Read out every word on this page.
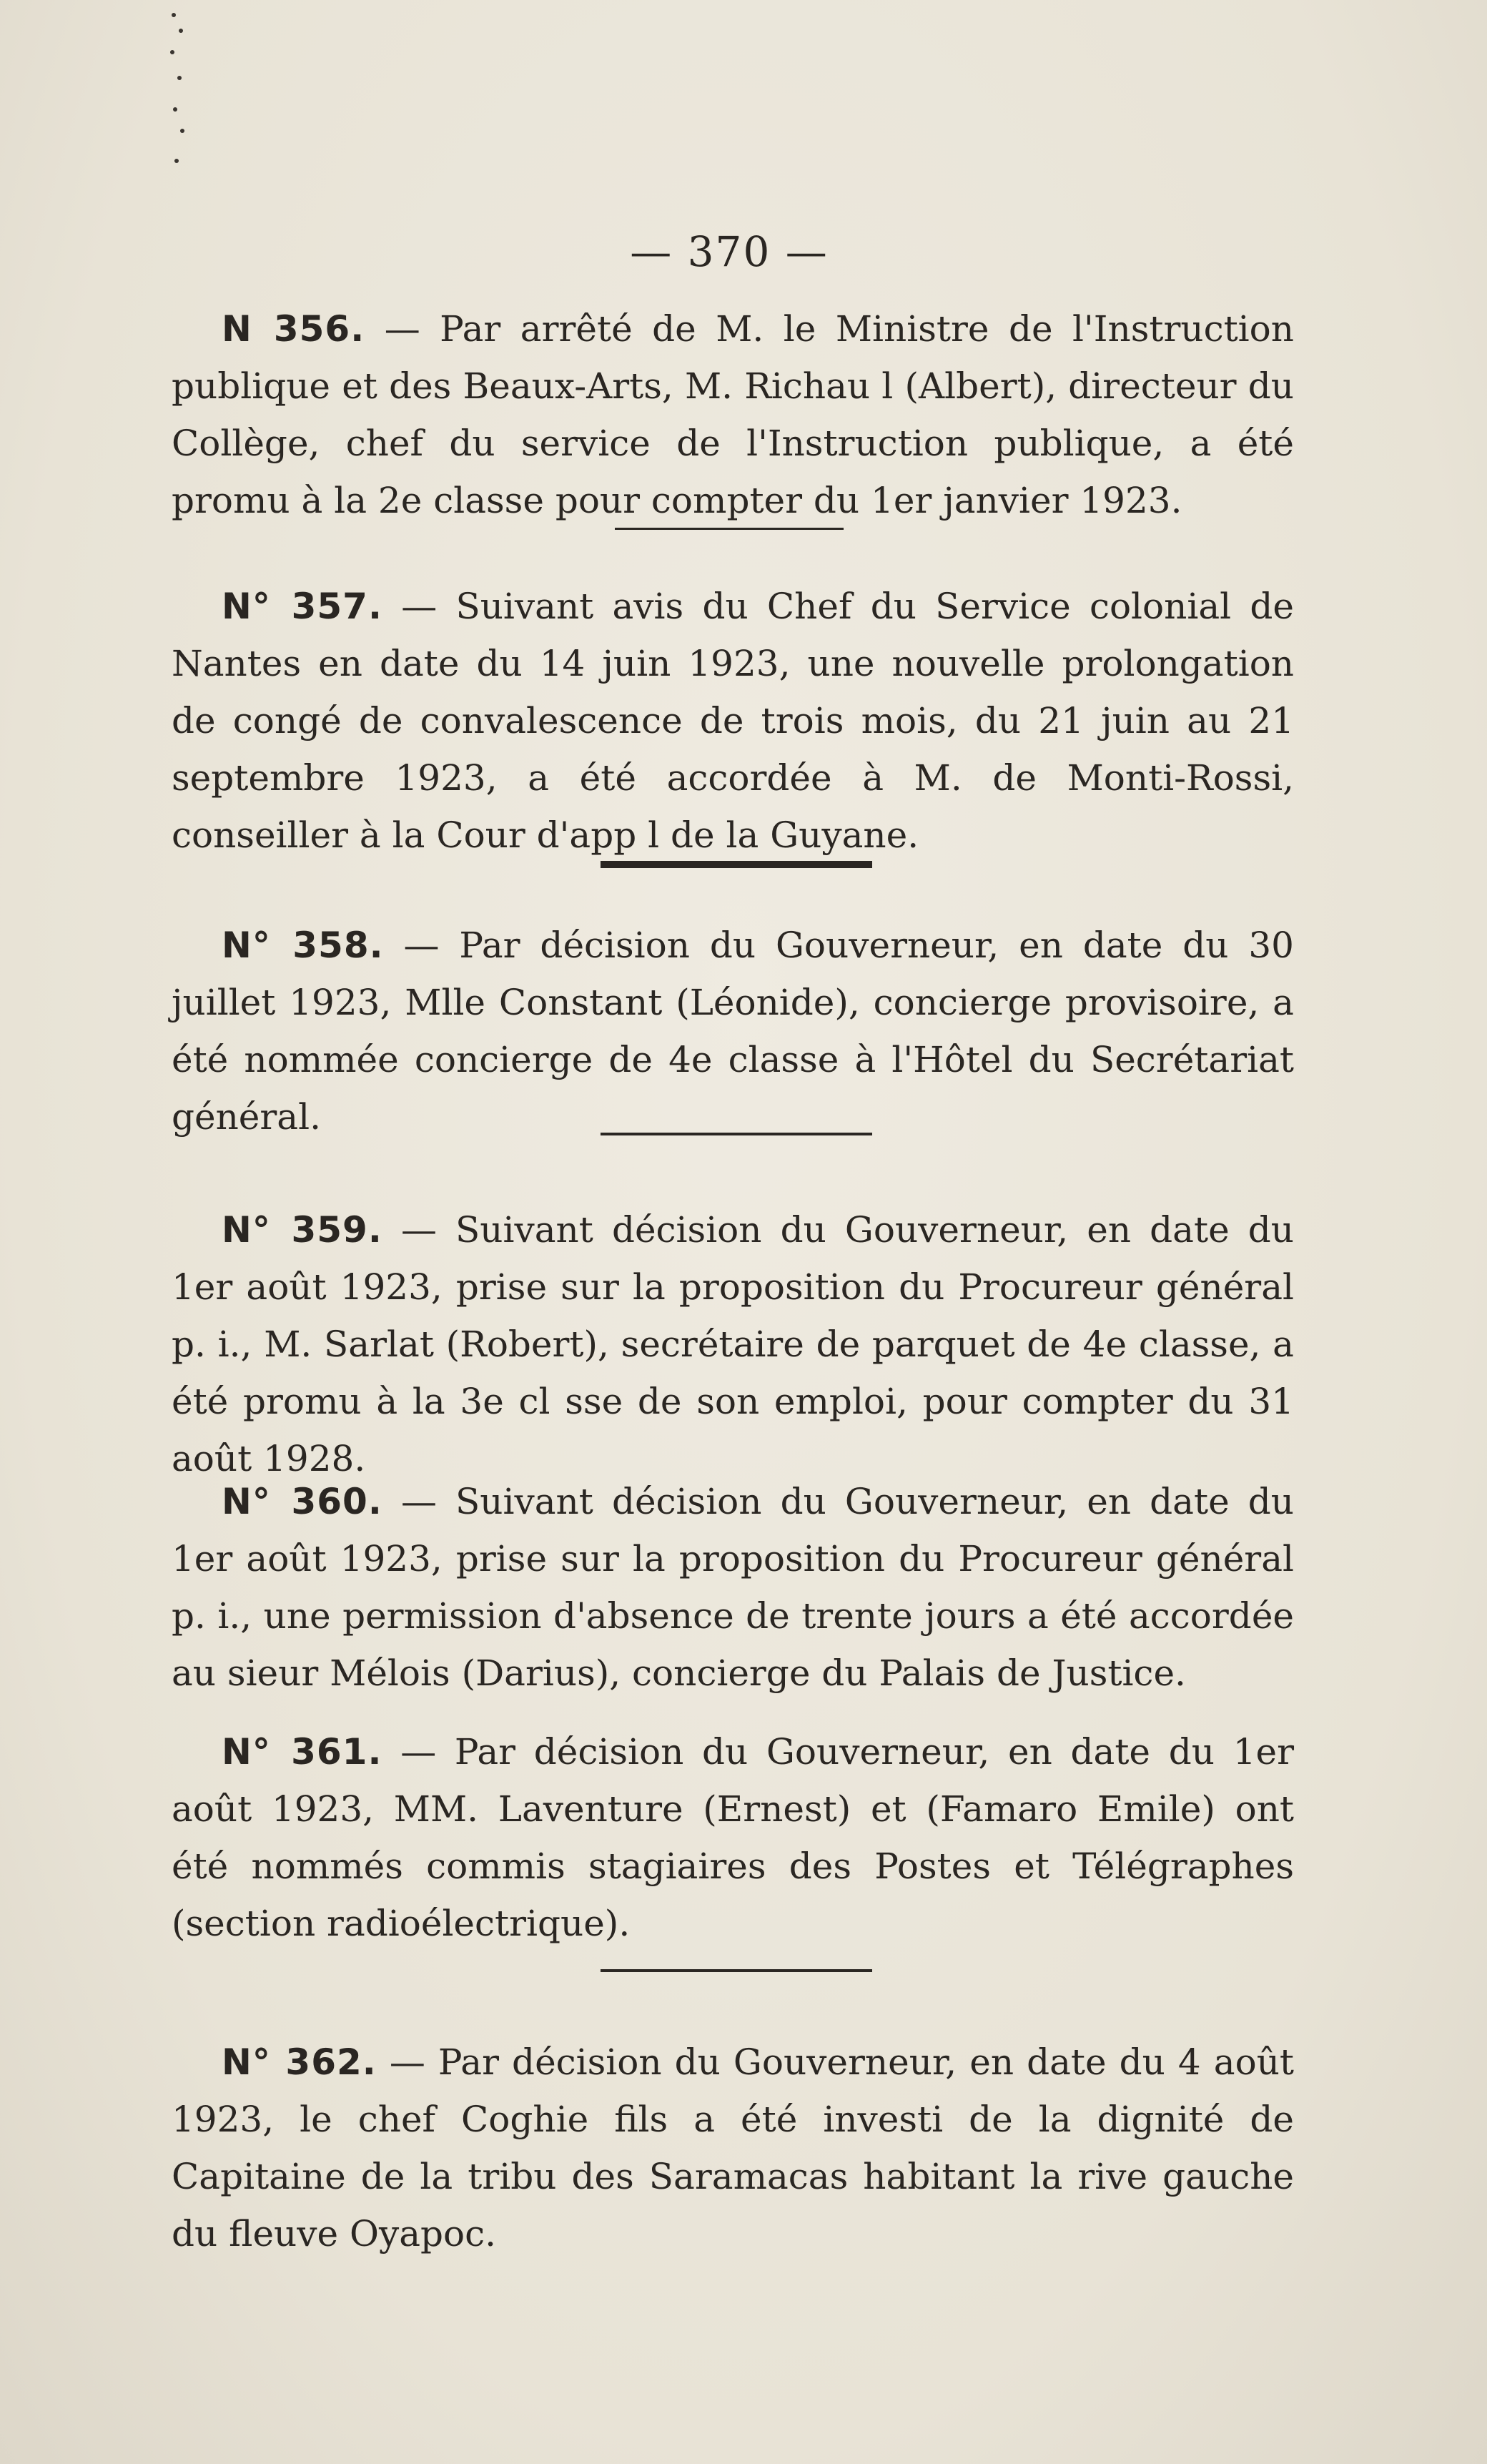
— 370 —

N 356. — Par arrêté de M. le Ministre de l'Instruction publique et des Beaux-Arts, M. Richau l (Albert), directeur du Collège, chef du service de l'Instruction publique, a été promu à la 2e classe pour compter du 1er janvier 1923.

N° 357. — Suivant avis du Chef du Service colonial de Nantes en date du 14 juin 1923, une nouvelle prolongation de congé de convalescence de trois mois, du 21 juin au 21 septembre 1923, a été accordée à M. de Monti-Rossi, conseiller à la Cour d'app l de la Guyane.

N° 358. — Par décision du Gouverneur, en date du 30 juillet 1923, Mlle Constant (Léonide), concierge provisoire, a été nommée concierge de 4e classe à l'Hôtel du Secrétariat général.

N° 359. — Suivant décision du Gouverneur, en date du 1er août 1923, prise sur la proposition du Procureur général p. i., M. Sarlat (Robert), secrétaire de parquet de 4e classe, a été promu à la 3e cl sse de son emploi, pour compter du 31 août 1928.

N° 360. — Suivant décision du Gouverneur, en date du 1er août 1923, prise sur la proposition du Procureur général p. i., une permission d'absence de trente jours a été accordée au sieur Mélois (Darius), concierge du Palais de Justice.

N° 361. — Par décision du Gouverneur, en date du 1er août 1923, MM. Laventure (Ernest) et (Famaro Emile) ont été nommés commis stagiaires des Postes et Télégraphes (section radioélectrique).

N° 362. — Par décision du Gouverneur, en date du 4 août 1923, le chef Coghie fils a été investi de la dignité de Capitaine de la tribu des Saramacas habitant la rive gauche du fleuve Oyapoc.
